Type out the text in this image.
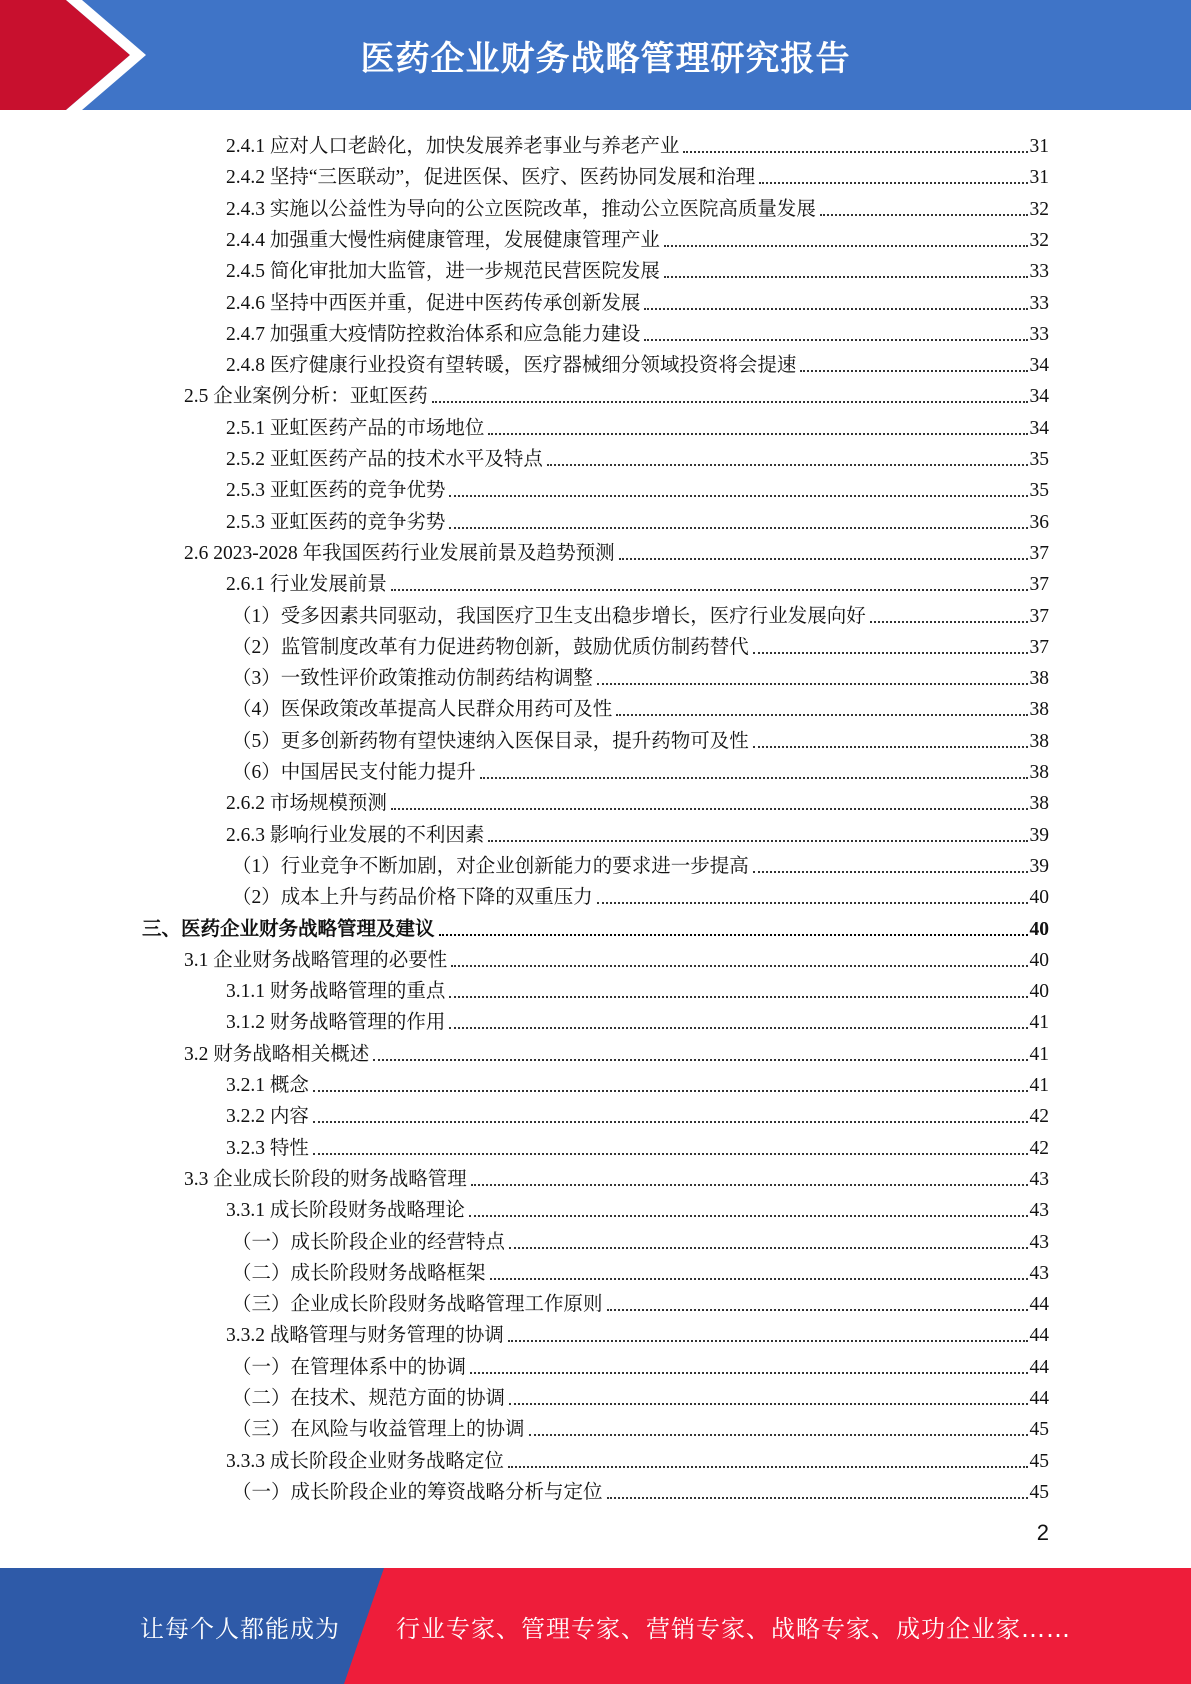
医药企业财务战略管理研究报告
2.4.1 应对人口老龄化，加快发展养老事业与养老产业	31
2.4.2 坚持“三医联动”，促进医保、医疗、医药协同发展和治理	31
2.4.3 实施以公益性为导向的公立医院改革，推动公立医院高质量发展	32
2.4.4 加强重大慢性病健康管理，发展健康管理产业	32
2.4.5 简化审批加大监管，进一步规范民营医院发展	33
2.4.6 坚持中西医并重，促进中医药传承创新发展	33
2.4.7 加强重大疫情防控救治体系和应急能力建设	33
2.4.8 医疗健康行业投资有望转暖，医疗器械细分领域投资将会提速	34
2.5 企业案例分析：亚虹医药	34
2.5.1 亚虹医药产品的市场地位	34
2.5.2 亚虹医药产品的技术水平及特点	35
2.5.3 亚虹医药的竞争优势	35
2.5.3 亚虹医药的竞争劣势	36
2.6 2023-2028 年我国医药行业发展前景及趋势预测	37
2.6.1 行业发展前景	37
（1）受多因素共同驱动，我国医疗卫生支出稳步增长，医疗行业发展向好	37
（2）监管制度改革有力促进药物创新，鼓励优质仿制药替代	37
（3）一致性评价政策推动仿制药结构调整	38
（4）医保政策改革提高人民群众用药可及性	38
（5）更多创新药物有望快速纳入医保目录，提升药物可及性	38
（6）中国居民支付能力提升	38
2.6.2 市场规模预测	38
2.6.3 影响行业发展的不利因素	39
（1）行业竞争不断加剧，对企业创新能力的要求进一步提高	39
（2）成本上升与药品价格下降的双重压力	40
三、医药企业财务战略管理及建议	40
3.1 企业财务战略管理的必要性	40
3.1.1 财务战略管理的重点	40
3.1.2 财务战略管理的作用	41
3.2 财务战略相关概述	41
3.2.1 概念	41
3.2.2 内容	42
3.2.3 特性	42
3.3 企业成长阶段的财务战略管理	43
3.3.1 成长阶段财务战略理论	43
（一）成长阶段企业的经营特点	43
（二）成长阶段财务战略框架	43
（三）企业成长阶段财务战略管理工作原则	44
3.3.2 战略管理与财务管理的协调	44
（一）在管理体系中的协调	44
（二）在技术、规范方面的协调	44
（三）在风险与收益管理上的协调	45
3.3.3 成长阶段企业财务战略定位	45
（一）成长阶段企业的筹资战略分析与定位	45
2
让每个人都能成为 行业专家、管理专家、营销专家、战略专家、成功企业家……
